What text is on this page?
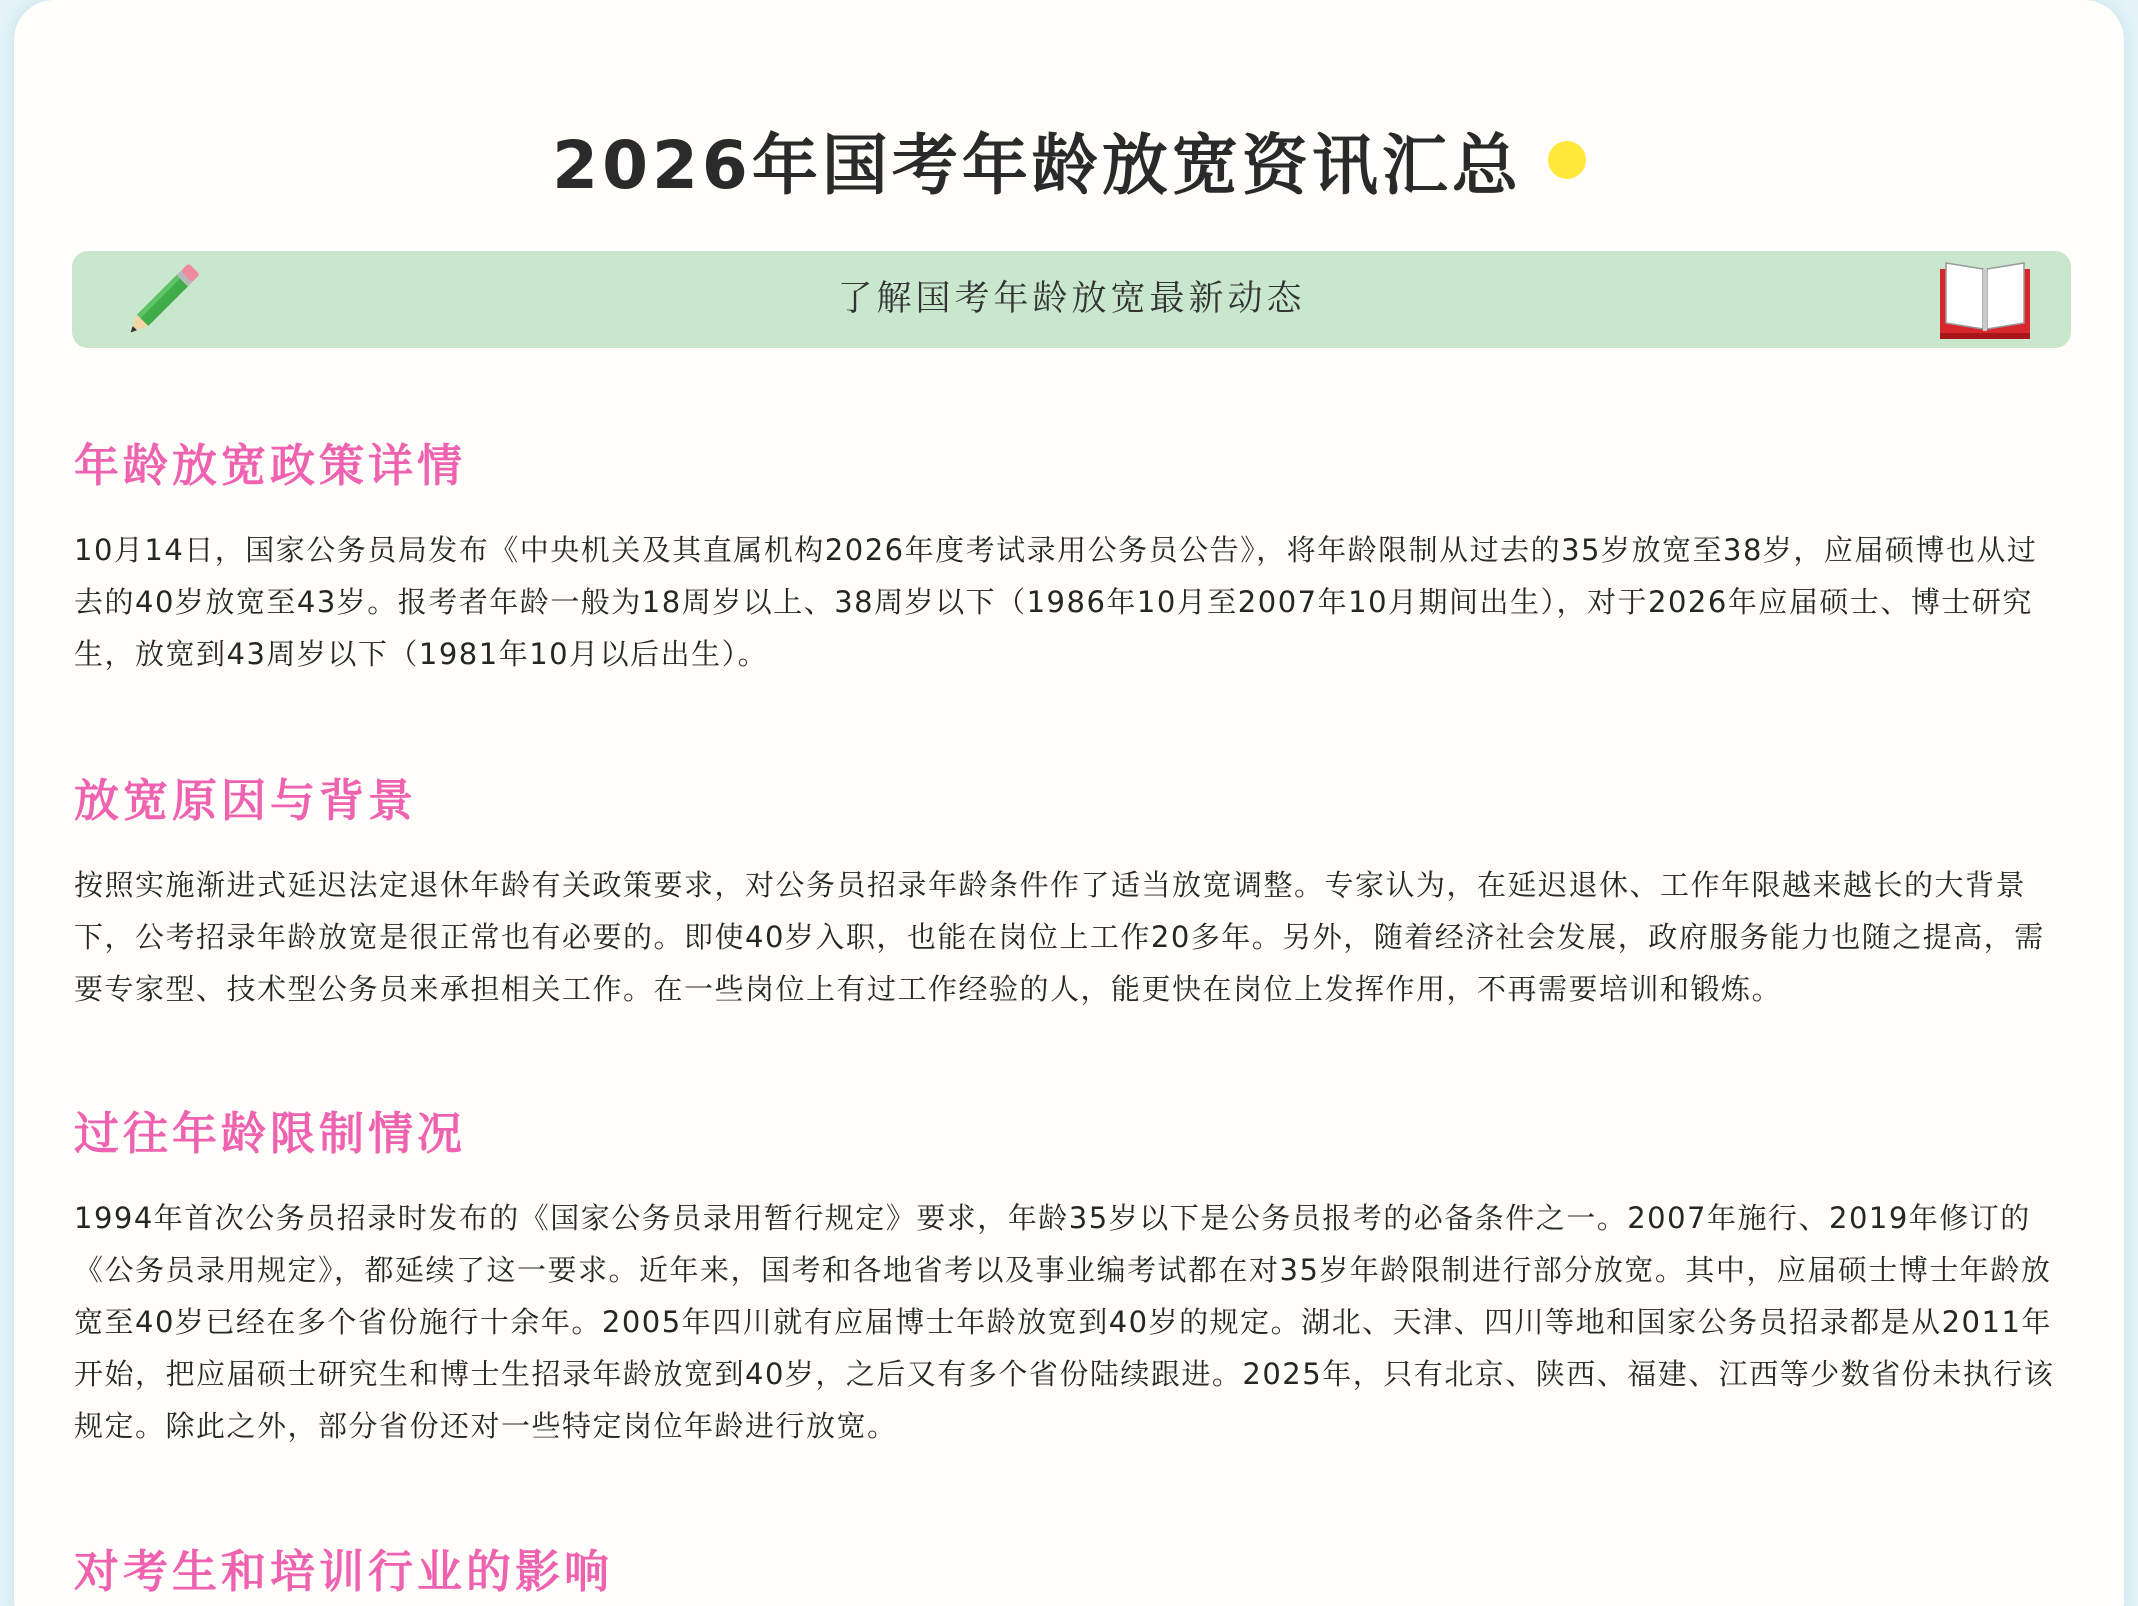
2026年国考年龄放宽资讯汇总
了解国考年龄放宽最新动态
年龄放宽政策详情

10月14日，国家公务员局发布《中央机关及其直属机构2026年度考试录用公务员公告》，将年龄限制从过去的35岁放宽至38岁，应届硕博也从过去的40岁放宽至43岁。报考者年龄一般为18周岁以上、38周岁以下（1986年10月至2007年10月期间出生），对于2026年应届硕士、博士研究生，放宽到43周岁以下（1981年10月以后出生）。

放宽原因与背景

按照实施渐进式延迟法定退休年龄有关政策要求，对公务员招录年龄条件作了适当放宽调整。专家认为，在延迟退休、工作年限越来越长的大背景下，公考招录年龄放宽是很正常也有必要的。即使40岁入职，也能在岗位上工作20多年。另外，随着经济社会发展，政府服务能力也随之提高，需要专家型、技术型公务员来承担相关工作。在一些岗位上有过工作经验的人，能更快在岗位上发挥作用，不再需要培训和锻炼。

过往年龄限制情况

1994年首次公务员招录时发布的《国家公务员录用暂行规定》要求，年龄35岁以下是公务员报考的必备条件之一。2007年施行、2019年修订的《公务员录用规定》，都延续了这一要求。近年来，国考和各地省考以及事业编考试都在对35岁年龄限制进行部分放宽。其中，应届硕士博士年龄放宽至40岁已经在多个省份施行十余年。2005年四川就有应届博士年龄放宽到40岁的规定。湖北、天津、四川等地和国家公务员招录都是从2011年开始，把应届硕士研究生和博士生招录年龄放宽到40岁，之后又有多个省份陆续跟进。2025年，只有北京、陕西、福建、江西等少数省份未执行该规定。除此之外，部分省份还对一些特定岗位年龄进行放宽。

对考生和培训行业的影响
